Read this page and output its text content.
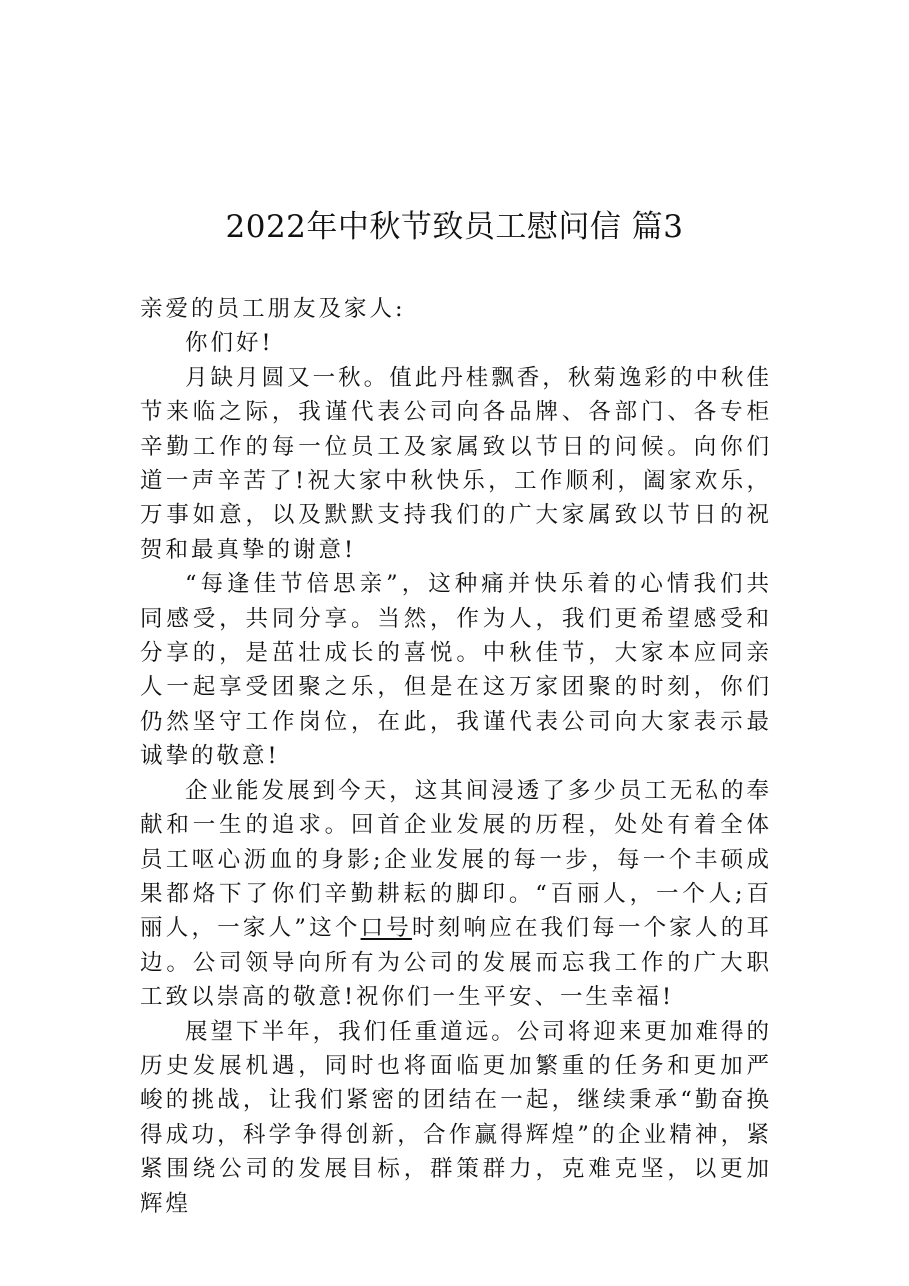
2022年中秋节致员工慰问信 篇3

亲爱的员工朋友及家人:

你们好!

月缺月圆又一秋。值此丹桂飘香，秋菊逸彩的中秋佳节来临之际，我谨代表公司向各品牌、各部门、各专柜辛勤工作的每一位员工及家属致以节日的问候。向你们道一声辛苦了!祝大家中秋快乐，工作顺利，阖家欢乐，万事如意，以及默默支持我们的广大家属致以节日的祝贺和最真挚的谢意!

“每逢佳节倍思亲”，这种痛并快乐着的心情我们共同感受，共同分享。当然，作为人，我们更希望感受和分享的，是茁壮成长的喜悦。中秋佳节，大家本应同亲人一起享受团聚之乐，但是在这万家团聚的时刻，你们仍然坚守工作岗位，在此，我谨代表公司向大家表示最诚挚的敬意!

企业能发展到今天，这其间浸透了多少员工无私的奉献和一生的追求。回首企业发展的历程，处处有着全体员工呕心沥血的身影;企业发展的每一步，每一个丰硕成果都烙下了你们辛勤耕耘的脚印。“百丽人，一个人;百丽人，一家人”这个口号时刻响应在我们每一个家人的耳边。公司领导向所有为公司的发展而忘我工作的广大职工致以崇高的敬意!祝你们一生平安、一生幸福!

展望下半年，我们任重道远。公司将迎来更加难得的历史发展机遇，同时也将面临更加繁重的任务和更加严峻的挑战，让我们紧密的团结在一起，继续秉承“勤奋换得成功，科学争得创新，合作赢得辉煌”的企业精神，紧紧围绕公司的发展目标，群策群力，克难克坚，以更加辉煌
